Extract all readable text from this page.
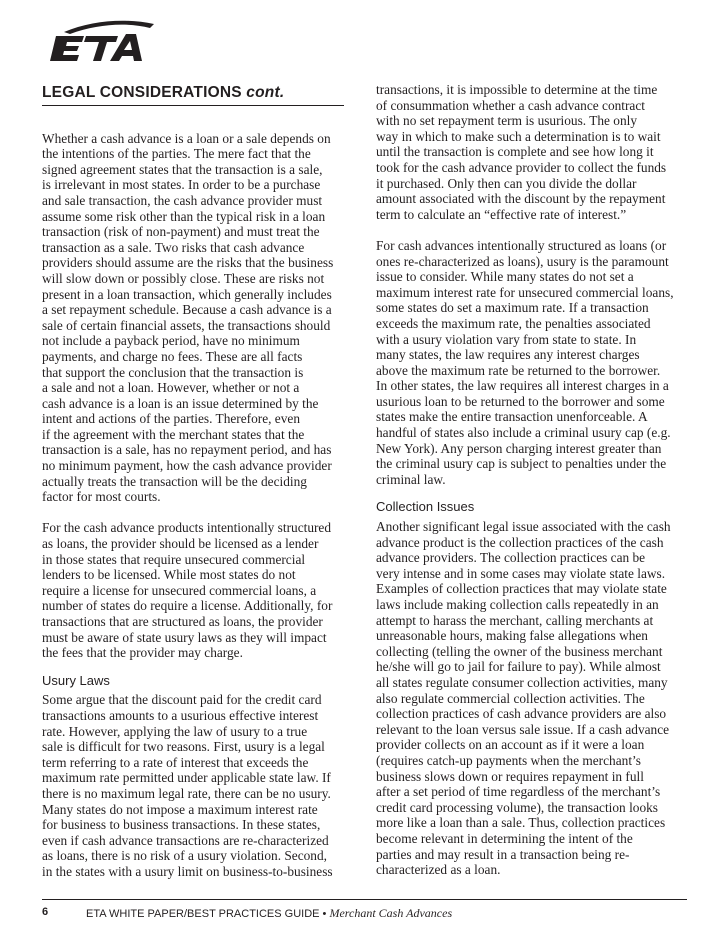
LEGAL CONSIDERATIONS cont.

Whether a cash advance is a loan or a sale depends on

the intentions of the parties. The mere fact that the

signed agreement states that the transaction is a sale,

is irrelevant in most states. In order to be a purchase

and sale transaction, the cash advance provider must

assume some risk other than the typical risk in a loan

transaction (risk of non-payment) and must treat the

transaction as a sale. Two risks that cash advance

providers should assume are the risks that the business

will slow down or possibly close. These are risks not

present in a loan transaction, which generally includes

a set repayment schedule. Because a cash advance is a

sale of certain financial assets, the transactions should

not include a payback period, have no minimum

payments, and charge no fees. These are all facts

that support the conclusion that the transaction is

a sale and not a loan. However, whether or not a

cash advance is a loan is an issue determined by the

intent and actions of the parties. Therefore, even

if the agreement with the merchant states that the

transaction is a sale, has no repayment period, and has

no minimum payment, how the cash advance provider

actually treats the transaction will be the deciding

factor for most courts.

For the cash advance products intentionally structured

as loans, the provider should be licensed as a lender

in those states that require unsecured commercial

lenders to be licensed. While most states do not

require a license for unsecured commercial loans, a

number of states do require a license. Additionally, for

transactions that are structured as loans, the provider

must be aware of state usury laws as they will impact

the fees that the provider may charge.

Usury Laws

Some argue that the discount paid for the credit card

transactions amounts to a usurious effective interest

rate. However, applying the law of usury to a true

sale is difficult for two reasons. First, usury is a legal

term referring to a rate of interest that exceeds the

maximum rate permitted under applicable state law. If

there is no maximum legal rate, there can be no usury.

Many states do not impose a maximum interest rate

for business to business transactions. In these states,

even if cash advance transactions are re-characterized

as loans, there is no risk of a usury violation. Second,

in the states with a usury limit on business-to-business

transactions, it is impossible to determine at the time

of consummation whether a cash advance contract

with no set repayment term is usurious. The only

way in which to make such a determination is to wait

until the transaction is complete and see how long it

took for the cash advance provider to collect the funds

it purchased. Only then can you divide the dollar

amount associated with the discount by the repayment

term to calculate an “effective rate of interest.”

For cash advances intentionally structured as loans (or

ones re-characterized as loans), usury is the paramount

issue to consider. While many states do not set a

maximum interest rate for unsecured commercial loans,

some states do set a maximum rate. If a transaction

exceeds the maximum rate, the penalties associated

with a usury violation vary from state to state. In

many states, the law requires any interest charges

above the maximum rate be returned to the borrower.

In other states, the law requires all interest charges in a

usurious loan to be returned to the borrower and some

states make the entire transaction unenforceable. A

handful of states also include a criminal usury cap (e.g.

New York). Any person charging interest greater than

the criminal usury cap is subject to penalties under the

criminal law.

Collection Issues

Another significant legal issue associated with the cash

advance product is the collection practices of the cash

advance providers. The collection practices can be

very intense and in some cases may violate state laws.

Examples of collection practices that may violate state

laws include making collection calls repeatedly in an

attempt to harass the merchant, calling merchants at

unreasonable hours, making false allegations when

collecting (telling the owner of the business merchant

he/she will go to jail for failure to pay). While almost

all states regulate consumer collection activities, many

also regulate commercial collection activities. The

collection practices of cash advance providers are also

relevant to the loan versus sale issue. If a cash advance

provider collects on an account as if it were a loan

(requires catch-up payments when the merchant’s

business slows down or requires repayment in full

after a set period of time regardless of the merchant’s

credit card processing volume), the transaction looks

more like a loan than a sale. Thus, collection practices

become relevant in determining the intent of the

parties and may result in a transaction being re-

characterized as a loan.

6	ETA WHITE PAPER/BEST PRACTICES GUIDE • Merchant Cash Advances
